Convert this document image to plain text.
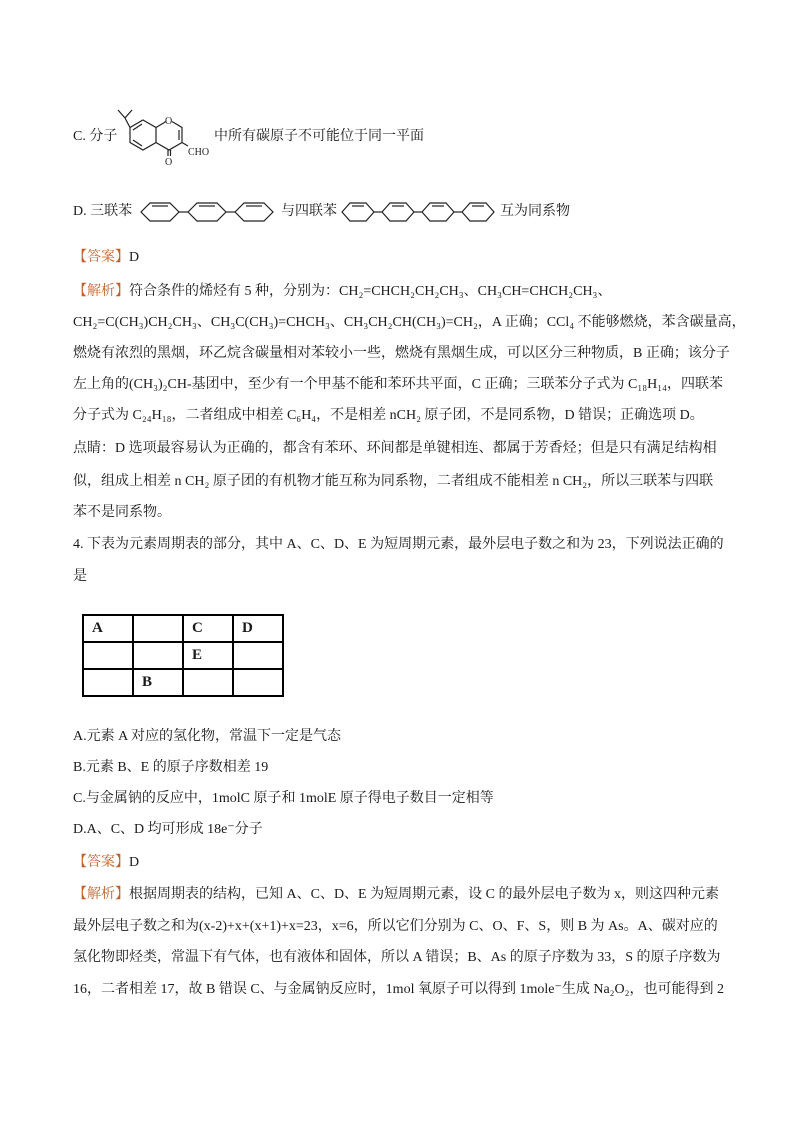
C. 分子
O
O
CHO
中所有碳原子不可能位于同一平面
D. 三联苯	与四联苯	互为同系物
【答案】D
【解析】符合条件的烯烃有 5 种，分别为：CH₂=CHCH₂CH₂CH₃、CH₃CH=CHCH₂CH₃、
CH₂=C(CH₃)CH₂CH₃、CH₃C(CH₃)=CHCH₃、CH₃CH₂CH(CH₃)=CH₂，A 正确；CCl₄ 不能够燃烧，苯含碳量高，
燃烧有浓烈的黑烟，环乙烷含碳量相对苯较小一些，燃烧有黑烟生成，可以区分三种物质，B 正确；该分子
左上角的(CH₃)₂CH-基团中，至少有一个甲基不能和苯环共平面，C 正确；三联苯分子式为 C₁₈H₁₄，四联苯
分子式为 C₂₄H₁₈，二者组成中相差 C₆H₄，不是相差 nCH₂ 原子团，不是同系物，D 错误；正确选项 D。
点睛：D 选项最容易认为正确的，都含有苯环、环间都是单键相连、都属于芳香烃；但是只有满足结构相
似，组成上相差 n CH₂ 原子团的有机物才能互称为同系物，二者组成不能相差 n CH₂，所以三联苯与四联
苯不是同系物。
4. 下表为元素周期表的部分，其中 A、C、D、E 为短周期元素，最外层电子数之和为 23，下列说法正确的
是
A		C	D
		E	
	B		
A.元素 A 对应的氢化物，常温下一定是气态
B.元素 B、E 的原子序数相差 19
C.与金属钠的反应中，1molC 原子和 1molE 原子得电子数目一定相等
D.A、C、D 均可形成 18e⁻分子
【答案】D
【解析】根据周期表的结构，已知 A、C、D、E 为短周期元素，设 C 的最外层电子数为 x，则这四种元素
最外层电子数之和为(x-2)+x+(x+1)+x=23，x=6，所以它们分别为 C、O、F、S，则 B 为 As。A、碳对应的
氢化物即烃类，常温下有气体，也有液体和固体，所以 A 错误；B、As 的原子序数为 33，S 的原子序数为
16，二者相差 17，故 B 错误 C、与金属钠反应时，1mol 氧原子可以得到 1mole⁻生成 Na₂O₂，也可能得到 2
